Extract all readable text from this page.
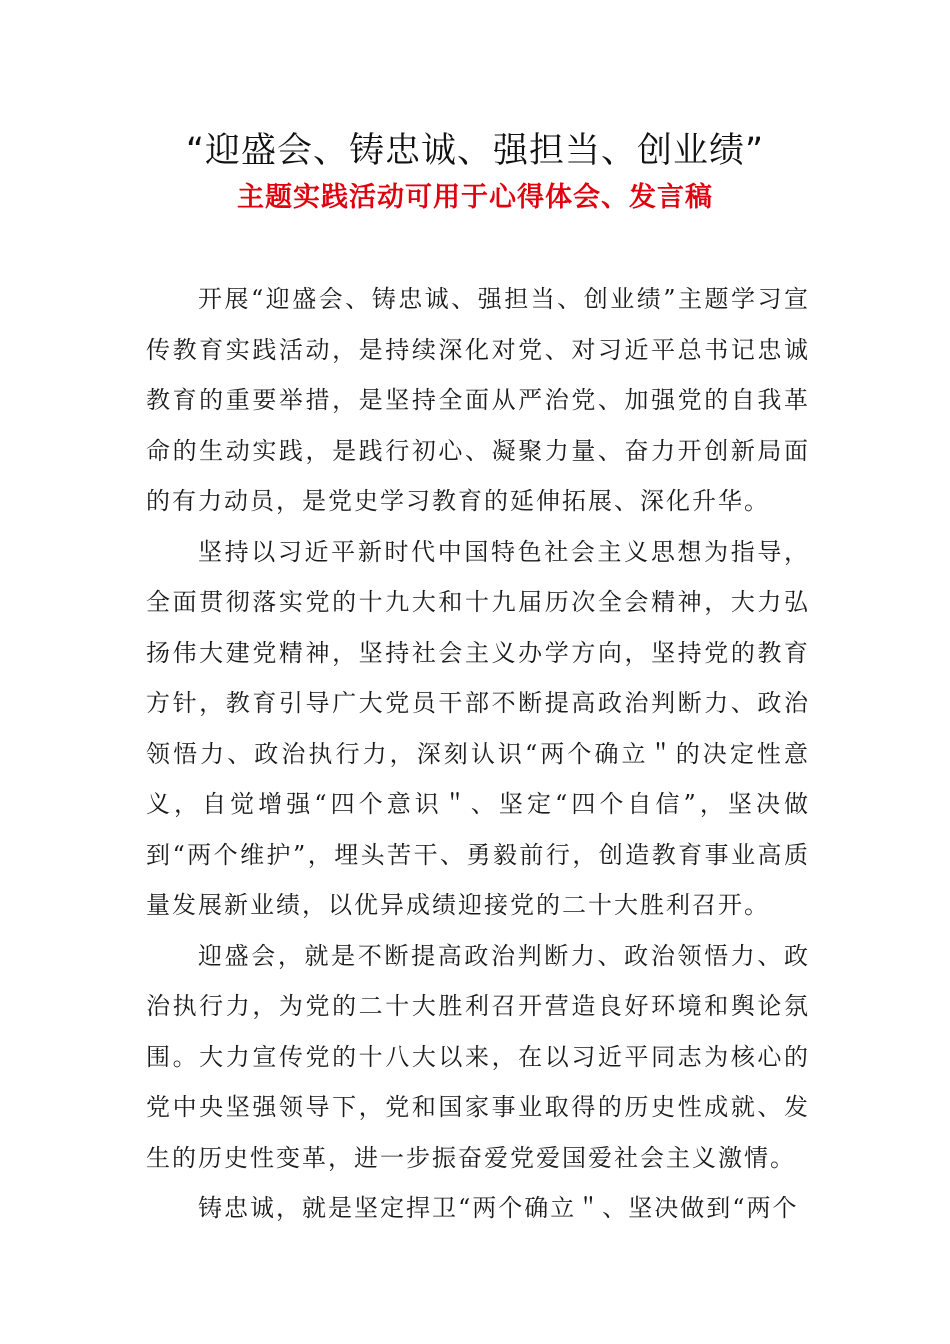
“迎盛会、铸忠诚、强担当、创业绩”
主题实践活动可用于心得体会、发言稿

开展“迎盛会、铸忠诚、强担当、创业绩”主题学习宣传教育实践活动，是持续深化对党、对习近平总书记忠诚教育的重要举措，是坚持全面从严治党、加强党的自我革命的生动实践，是践行初心、凝聚力量、奋力开创新局面的有力动员，是党史学习教育的延伸拓展、深化升华。

坚持以习近平新时代中国特色社会主义思想为指导，全面贯彻落实党的十九大和十九届历次全会精神，大力弘扬伟大建党精神，坚持社会主义办学方向，坚持党的教育方针，教育引导广大党员干部不断提高政治判断力、政治领悟力、政治执行力，深刻认识“两个确立＂的决定性意义，自觉增强“四个意识＂、坚定“四个自信”，坚决做到“两个维护”，埋头苦干、勇毅前行，创造教育事业高质量发展新业绩，以优异成绩迎接党的二十大胜利召开。

迎盛会，就是不断提高政治判断力、政治领悟力、政治执行力，为党的二十大胜利召开营造良好环境和舆论氛围。大力宣传党的十八大以来，在以习近平同志为核心的党中央坚强领导下，党和国家事业取得的历史性成就、发生的历史性变革，进一步振奋爱党爱国爱社会主义激情。

铸忠诚，就是坚定捍卫“两个确立＂、坚决做到“两个
